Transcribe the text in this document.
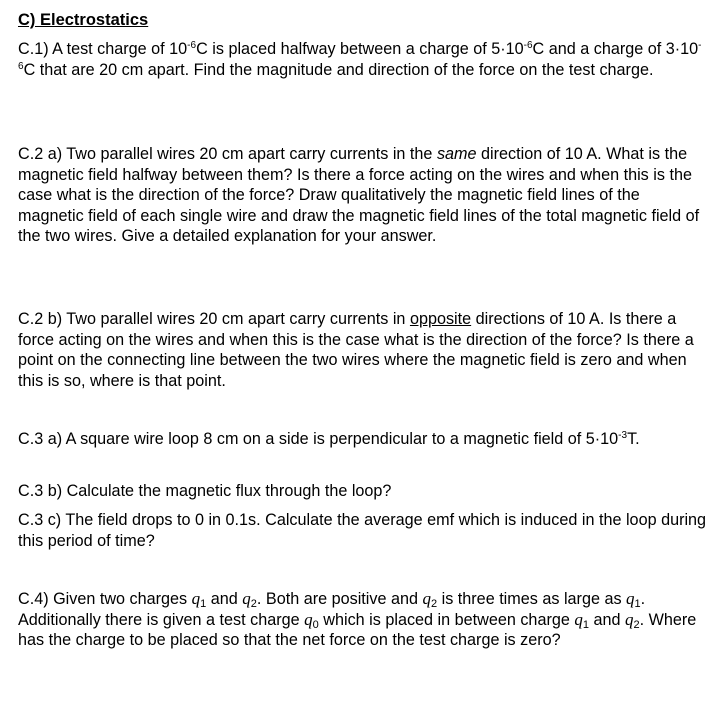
C) Electrostatics

C.1) A test charge of $10^{-6}C$ is placed halfway between a charge of $5\cdot 10^{-6}C$ and a charge of $3\cdot 10^{-6}C$ that are 20 cm apart. Find the magnitude and direction of the force on the test charge.

C.2 a) Two parallel wires 20 cm apart carry currents in the same direction of 10 A. What is the magnetic field halfway between them? Is there a force acting on the wires and when this is the case what is the direction of the force? Draw qualitatively the magnetic field lines of the magnetic field of each single wire and draw the magnetic field lines of the total magnetic field of the two wires. Give a detailed explanation for your answer.

C.2 b) Two parallel wires 20 cm apart carry currents in opposite directions of 10 A. Is there a force acting on the wires and when this is the case what is the direction of the force? Is there a point on the connecting line between the two wires where the magnetic field is zero and when this is so, where is that point.

C.3 a) A square wire loop 8 cm on a side is perpendicular to a magnetic field of $5\cdot 10^{-3}T$.

C.3 b) Calculate the magnetic flux through the loop?

C.3 c) The field drops to 0 in 0.1s. Calculate the average emf which is induced in the loop during this period of time?

C.4) Given two charges $q_1$ and $q_2$. Both are positive and $q_2$ is three times as large as $q_1$. Additionally there is given a test charge $q_0$ which is placed in between charge $q_1$ and $q_2$. Where has the charge to be placed so that the net force on the test charge is zero?
